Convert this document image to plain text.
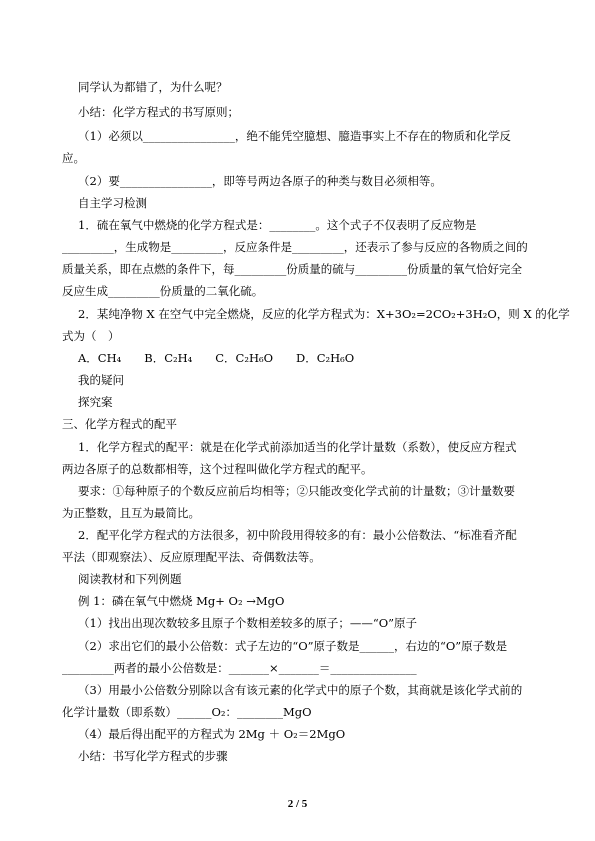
同学认为都错了，为什么呢？
小结：化学方程式的书写原则；
（1）必须以________________，绝不能凭空臆想、臆造事实上不存在的物质和化学反
应。
（2）要________________，即等号两边各原子的种类与数目必须相等。
自主学习检测
1．硫在氧气中燃烧的化学方程式是：________。这个式子不仅表明了反应物是
_________，生成物是_________，反应条件是_________，还表示了参与反应的各物质之间的
质量关系，即在点燃的条件下，每_________份质量的硫与_________份质量的氧气恰好完全
反应生成_________份质量的二氧化硫。
2．某纯净物 X 在空气中完全燃烧，反应的化学方程式为：X+3O₂=2CO₂+3H₂O，则 X 的化学
式为（　）
A．CH₄　　B．C₂H₄　　C．C₂H₆O　　D．C₂H₆O
我的疑问
探究案
三、化学方程式的配平
1．化学方程式的配平：就是在化学式前添加适当的化学计量数（系数），使反应方程式
两边各原子的总数都相等，这个过程叫做化学方程式的配平。
要求：①每种原子的个数反应前后均相等；②只能改变化学式前的计量数；③计量数要
为正整数，且互为最简比。
2．配平化学方程式的方法很多，初中阶段用得较多的有：最小公倍数法、“标准看齐配
平法（即观察法）、反应原理配平法、奇偶数法等。
阅读教材和下列例题
例 1：磷在氧气中燃烧 Mg+ O₂ →MgO
（1）找出出现次数较多且原子个数相差较多的原子；——“O”原子
（2）求出它们的最小公倍数：式子左边的“O”原子数是______，右边的“O”原子数是
_________两者的最小公倍数是：_______×_______＝_______________
（3）用最小公倍数分别除以含有该元素的化学式中的原子个数，其商就是该化学式前的
化学计量数（即系数）______O₂：________MgO
（4）最后得出配平的方程式为 2Mg ＋ O₂＝2MgO
小结：书写化学方程式的步骤
2 / 5
